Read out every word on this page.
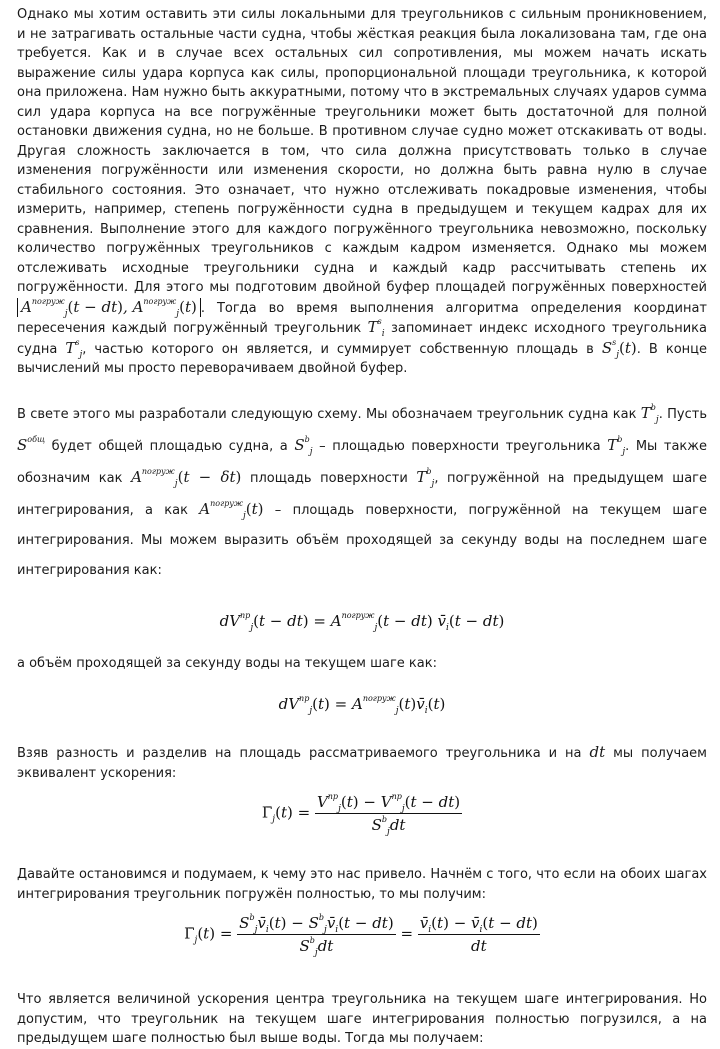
Однако мы хотим оставить эти силы локальными для треугольников с сильным проникновением, и не затрагивать остальные части судна, чтобы жёсткая реакция была локализована там, где она требуется. Как и в случае всех остальных сил сопротивления, мы можем начать искать выражение силы удара корпуса как силы, пропорциональной площади треугольника, к которой она приложена. Нам нужно быть аккуратными, потому что в экстремальных случаях ударов сумма сил удара корпуса на все погружённые треугольники может быть достаточной для полной остановки движения судна, но не больше. В противном случае судно может отскакивать от воды. Другая сложность заключается в том, что сила должна присутствовать только в случае изменения погружённости или изменения скорости, но должна быть равна нулю в случае стабильного состояния. Это означает, что нужно отслеживать покадровые изменения, чтобы измерить, например, степень погружённости судна в предыдущем и текущем кадрах для их сравнения. Выполнение этого для каждого погружённого треугольника невозможно, поскольку количество погружённых треугольников с каждым кадром изменяется. Однако мы можем отслеживать исходные треугольники судна и каждый кадр рассчитывать степень их погружённости. Для этого мы подготовим двойной буфер площадей погружённых поверхностей $A^{погруж}_j(t - dt)$, $A^{погруж}_j(t)$ . Тогда во время выполнения алгоритма определения координат пересечения каждый погружённый треугольник $T^s_i$ запоминает индекс исходного треугольника судна $T^s_j$, частью которого он является, и суммирует собственную площадь в $S^s_j(t)$. В конце вычислений мы просто переворачиваем двойной буфер.

В свете этого мы разработали следующую схему. Мы обозначаем треугольник судна как $T^b_j$. Пусть $S^{общ}$ будет общей площадью судна, а $S^b_j$ – площадью поверхности треугольника $T^b_j$. Мы также обозначим как $A^{погруж}_j(t - \delta t)$ площадь поверхности $T^b_j$, погружённой на предыдущем шаге интегрирования, а как $A^{погруж}_j(t)$ – площадь поверхности, погружённой на текущем шаге интегрирования. Мы можем выразить объём проходящей за секунду воды на последнем шаге интегрирования как:

$dV^{пр}_j(t - dt) = A^{погруж}_j(t - dt)$ $v̄_i(t - dt)$

а объём проходящей за секунду воды на текущем шаге как:

$dV^{пр}_j(t)$ = $A^{погруж}_j(t)v̄_i(t)$

Взяв разность и разделив на площадь рассматриваемого треугольника и на dt мы получаем эквивалент ускорения:

$\Gammā_j(t) = \frac{V^{пр}_j(t) - V^{пр}_j(t - dt)}{S^b_jdt}$

Давайте остановимся и подумаем, к чему это нас привело. Начнём с того, что если на обоих шагах интегрирования треугольник погружён полностью, то мы получим:

$\Gammā_j(t) = \frac{S^b_jv̄_i(t) - S^b_jv̄_i(t - dt)}{S^b_jdt} = \frac{v̄_i(t) - v̄_i(t - dt)}{dt}$

Что является величиной ускорения центра треугольника на текущем шаге интегрирования. Но допустим, что треугольник на текущем шаге интегрирования полностью погрузился, а на предыдущем шаге полностью был выше воды. Тогда мы получаем:
